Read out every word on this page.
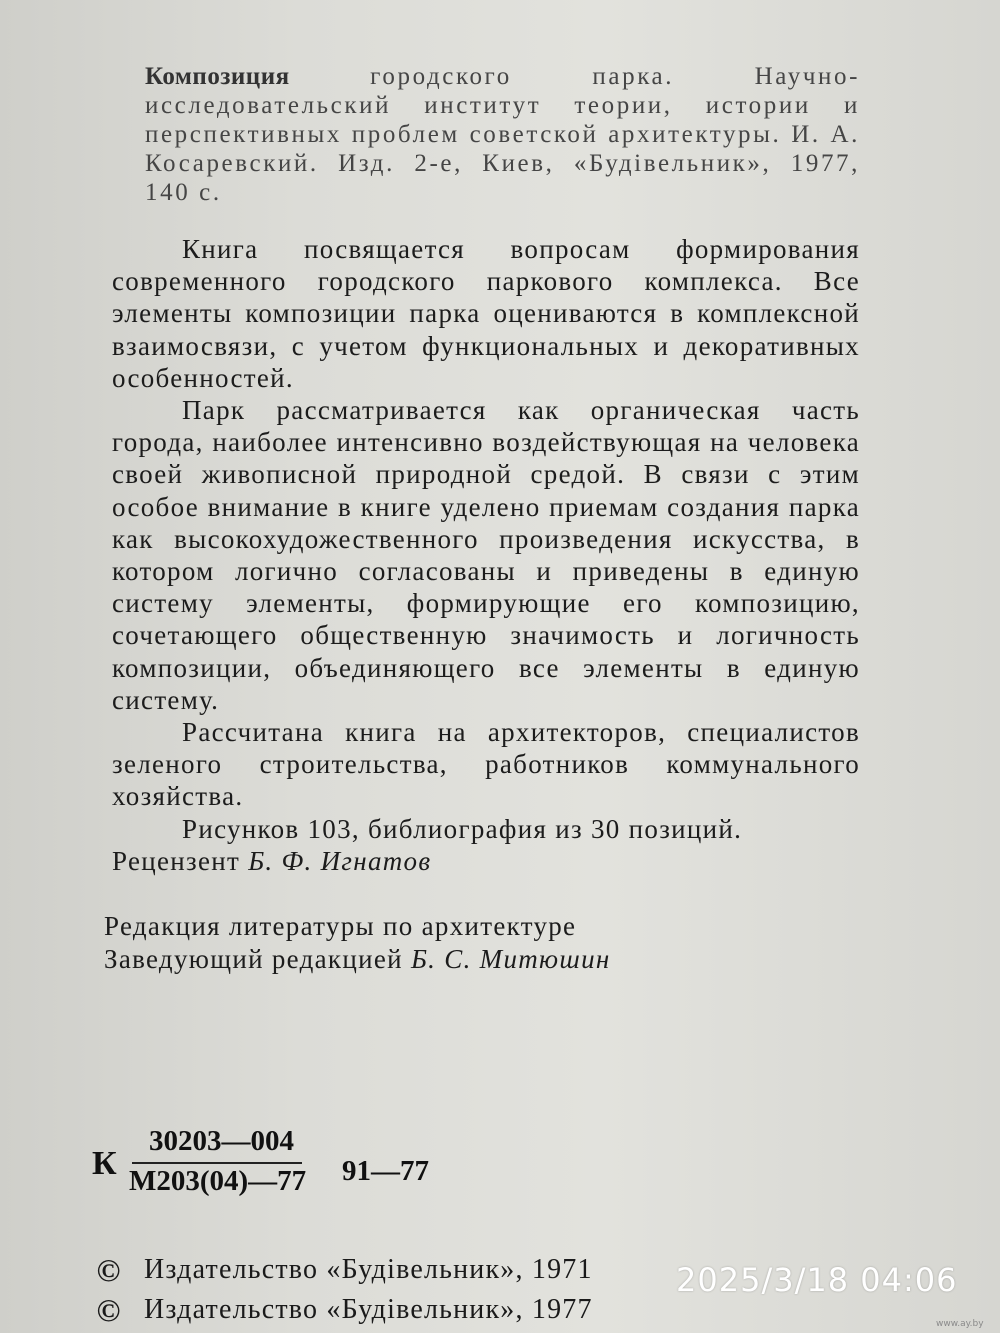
Композиция	городского парка. Научно-исследовательский институт теории, истории и перспективных проблем советской архитектуры. И. А. Косаревский. Изд. 2-е, Киев, «Будівельник», 1977, 140 с.

Книга посвящается вопросам формирования современного городского паркового комплекса. Все элементы композиции парка оцениваются в комплексной взаимосвязи, с учетом функциональных и декоративных особенностей.

Парк рассматривается как органическая часть города, наиболее интенсивно воздействующая на человека своей живописной природной средой. В связи с этим особое внимание в книге уделено приемам создания парка как высокохудожественного произведения искусства, в котором логично согласованы и приведены в единую систему элементы, формирующие его композицию, сочетающего общественную значимость и логичность композиции, объединяющего все элементы в единую систему.

Рассчитана книга на архитекторов, специалистов зеленого строительства, работников коммунального хозяйства.

Рисунков 103, библиография из 30 позиций.

Рецензент Б. Ф. Игнатов

Редакция литературы по архитектуре
Заведующий редакцией Б. С. Митюшин
К
30203—004
М203(04)—77 91—77
© Издательство «Будівельник», 1971
© Издательство «Будівельник», 1977
2025/3/18 04:06
www.ay.by
